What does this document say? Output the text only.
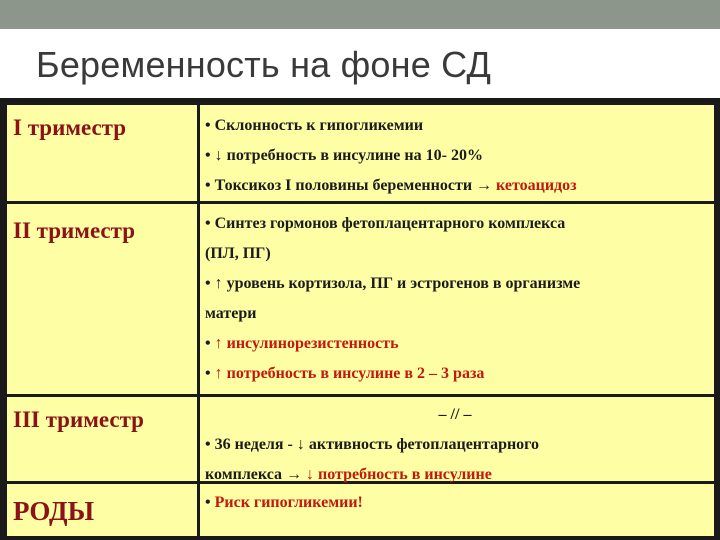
Беременность на фоне СД
I триместр	• Склонность к гипогликемии
• ↓ потребность в инсулине на 10- 20%
• Токсикоз I половины беременности → кетоацидоз
II триместр	• Синтез гормонов фетоплацентарного комплекса
(ПЛ, ПГ)
• ↑ уровень кортизола, ПГ и эстрогенов в организме
матери
• ↑ инсулинорезистенность
• ↑ потребность в инсулине в 2 – 3 раза
III триместр	– // –
• 36 неделя - ↓ активность фетоплацентарного
комплекса → ↓ потребность в инсулине
РОДЫ	• Риск гипогликемии!
